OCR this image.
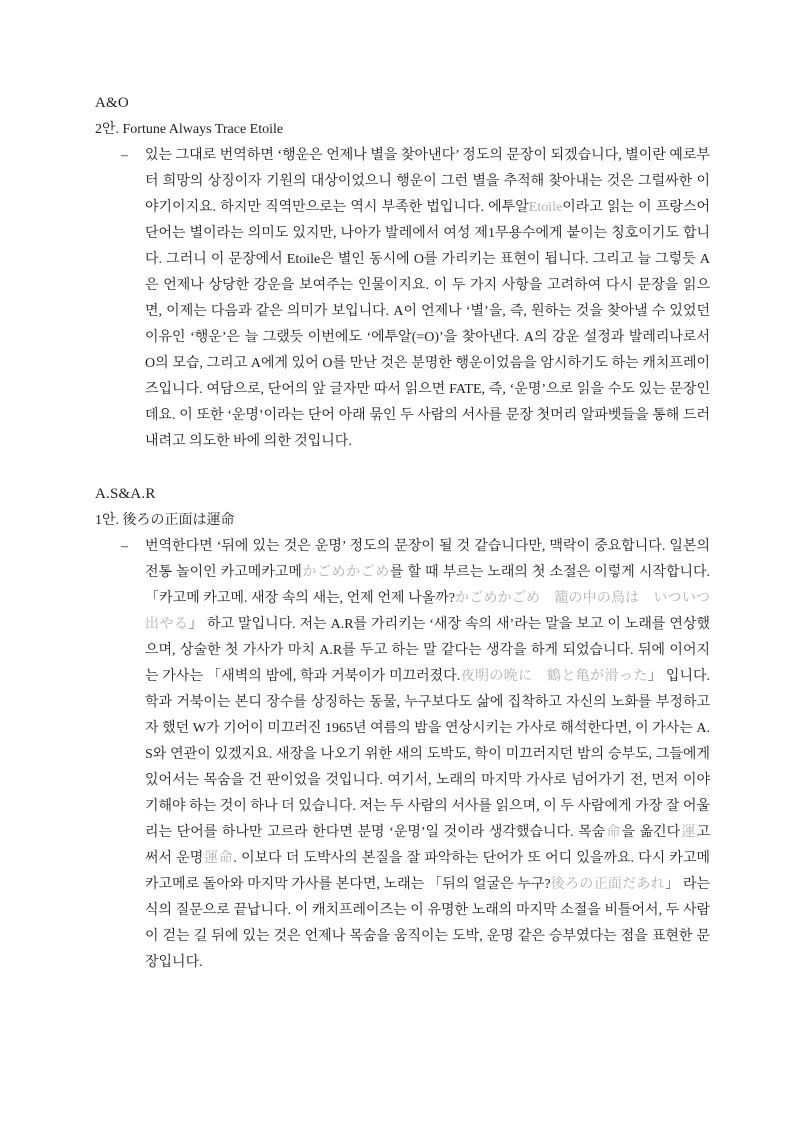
A&O
2안. Fortune Always Trace Etoile
–	있는 그대로 번역하면 ‘행운은 언제나 별을 찾아낸다’ 정도의 문장이 되겠습니다, 별이란 예로부터 희망의 상징이자 기원의 대상이었으니 행운이 그런 별을 추적해 찾아내는 것은 그럴싸한 이야기이지요. 하지만 직역만으로는 역시 부족한 법입니다. 에투알Etoile이라고 읽는 이 프랑스어 단어는 별이라는 의미도 있지만, 나아가 발레에서 여성 제1무용수에게 붙이는 칭호이기도 합니다. 그러니 이 문장에서 Etoile은 별인 동시에 O를 가리키는 표현이 됩니다. 그리고 늘 그렇듯 A은 언제나 상당한 강운을 보여주는 인물이지요. 이 두 가지 사항을 고려하여 다시 문장을 읽으면, 이제는 다음과 같은 의미가 보입니다. A이 언제나 ‘별’을, 즉, 원하는 것을 찾아낼 수 있었던 이유인 ‘행운’은 늘 그랬듯 이번에도 ‘에투알(=O)’을 찾아낸다. A의 강운 설정과 발레리나로서 O의 모습, 그리고 A에게 있어 O를 만난 것은 분명한 행운이었음을 암시하기도 하는 캐치프레이즈입니다. 여담으로, 단어의 앞 글자만 따서 읽으면 FATE, 즉, ‘운명’으로 읽을 수도 있는 문장인데요. 이 또한 ‘운명’이라는 단어 아래 묶인 두 사람의 서사를 문장 첫머리 알파벳들을 통해 드러내려고 의도한 바에 의한 것입니다.

A.S&A.R
1안. 後ろの正面は運命
–	번역한다면 ‘뒤에 있는 것은 운명’ 정도의 문장이 될 것 같습니다만, 맥락이 중요합니다. 일본의 전통 놀이인 카고메카고메かごめかごめ를 할 때 부르는 노래의 첫 소절은 이렇게 시작합니다. 「카고메 카고메. 새장 속의 새는, 언제 언제 나올까?かごめかごめ　籠の中の鳥は　いついつ出やる」 하고 말입니다. 저는 A.R를 가리키는 ‘새장 속의 새’라는 말을 보고 이 노래를 연상했으며, 상술한 첫 가사가 마치 A.R를 두고 하는 말 같다는 생각을 하게 되었습니다. 뒤에 이어지는 가사는 「새벽의 밤에, 학과 거북이가 미끄러졌다.夜明の晩に　鶴と亀が滑った」 입니다. 학과 거북이는 본디 장수를 상징하는 동물, 누구보다도 삶에 집착하고 자신의 노화를 부정하고자 했던 W가 기어이 미끄러진 1965년 여름의 밤을 연상시키는 가사로 해석한다면, 이 가사는 A.S와 연관이 있겠지요. 새장을 나오기 위한 새의 도박도, 학이 미끄러지던 밤의 승부도, 그들에게 있어서는 목숨을 건 판이었을 것입니다. 여기서, 노래의 마지막 가사로 넘어가기 전, 먼저 이야기해야 하는 것이 하나 더 있습니다. 저는 두 사람의 서사를 읽으며, 이 두 사람에게 가장 잘 어울리는 단어를 하나만 고르라 한다면 분명 ‘운명’일 것이라 생각했습니다. 목숨命을 옮긴다運고 써서 운명運命. 이보다 더 도박사의 본질을 잘 파악하는 단어가 또 어디 있을까요. 다시 카고메카고메로 돌아와 마지막 가사를 본다면, 노래는 「뒤의 얼굴은 누구?後ろの正面だあれ」 라는 식의 질문으로 끝납니다. 이 캐치프레이즈는 이 유명한 노래의 마지막 소절을 비틀어서, 두 사람이 걷는 길 뒤에 있는 것은 언제나 목숨을 움직이는 도박, 운명 같은 승부였다는 점을 표현한 문장입니다.
